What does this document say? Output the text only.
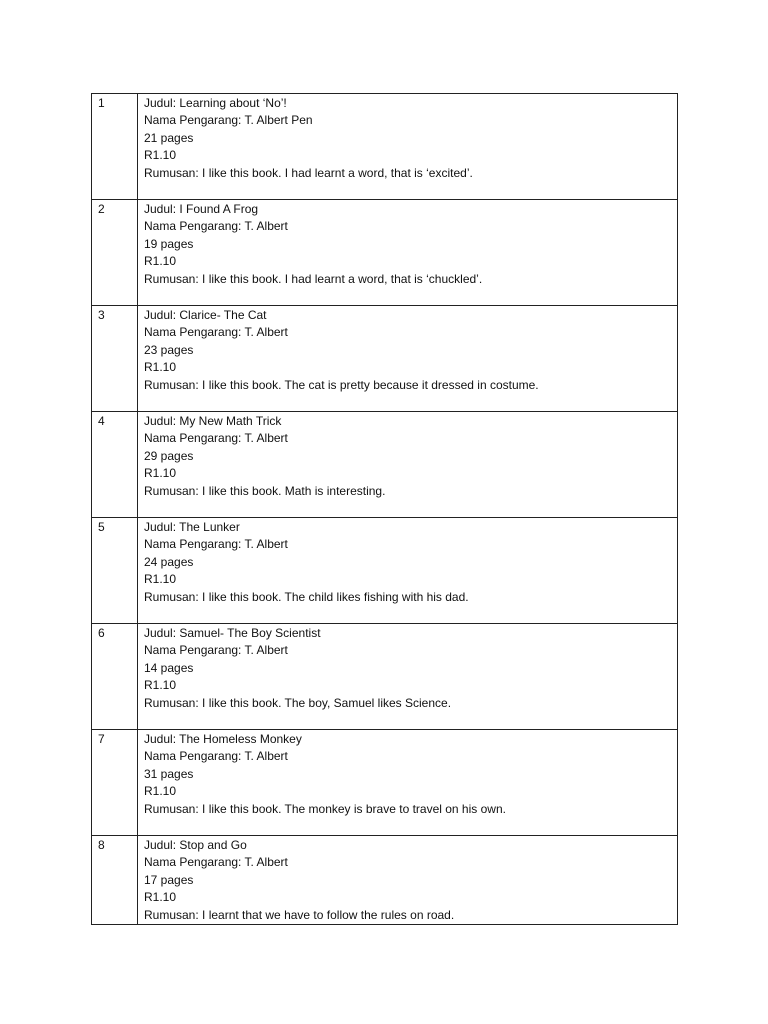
1	Judul: Learning about ‘No’!
Nama Pengarang: T. Albert Pen
21 pages
R1.10
Rumusan: I like this book. I had learnt a word, that is ‘excited’.

2	Judul: I Found A Frog
Nama Pengarang: T. Albert
19 pages
R1.10
Rumusan: I like this book. I had learnt a word, that is ‘chuckled’.

3	Judul: Clarice- The Cat
Nama Pengarang: T. Albert
23 pages
R1.10
Rumusan: I like this book. The cat is pretty because it dressed in costume.

4	Judul: My New Math Trick
Nama Pengarang: T. Albert
29 pages
R1.10
Rumusan: I like this book. Math is interesting.

5	Judul: The Lunker
Nama Pengarang: T. Albert
24 pages
R1.10
Rumusan: I like this book. The child likes fishing with his dad.

6	Judul: Samuel- The Boy Scientist
Nama Pengarang: T. Albert
14 pages
R1.10
Rumusan: I like this book. The boy, Samuel likes Science.

7	Judul: The Homeless Monkey
Nama Pengarang: T. Albert
31 pages
R1.10
Rumusan: I like this book. The monkey is brave to travel on his own.

8	Judul: Stop and Go
Nama Pengarang: T. Albert
17 pages
R1.10
Rumusan: I learnt that we have to follow the rules on road.
